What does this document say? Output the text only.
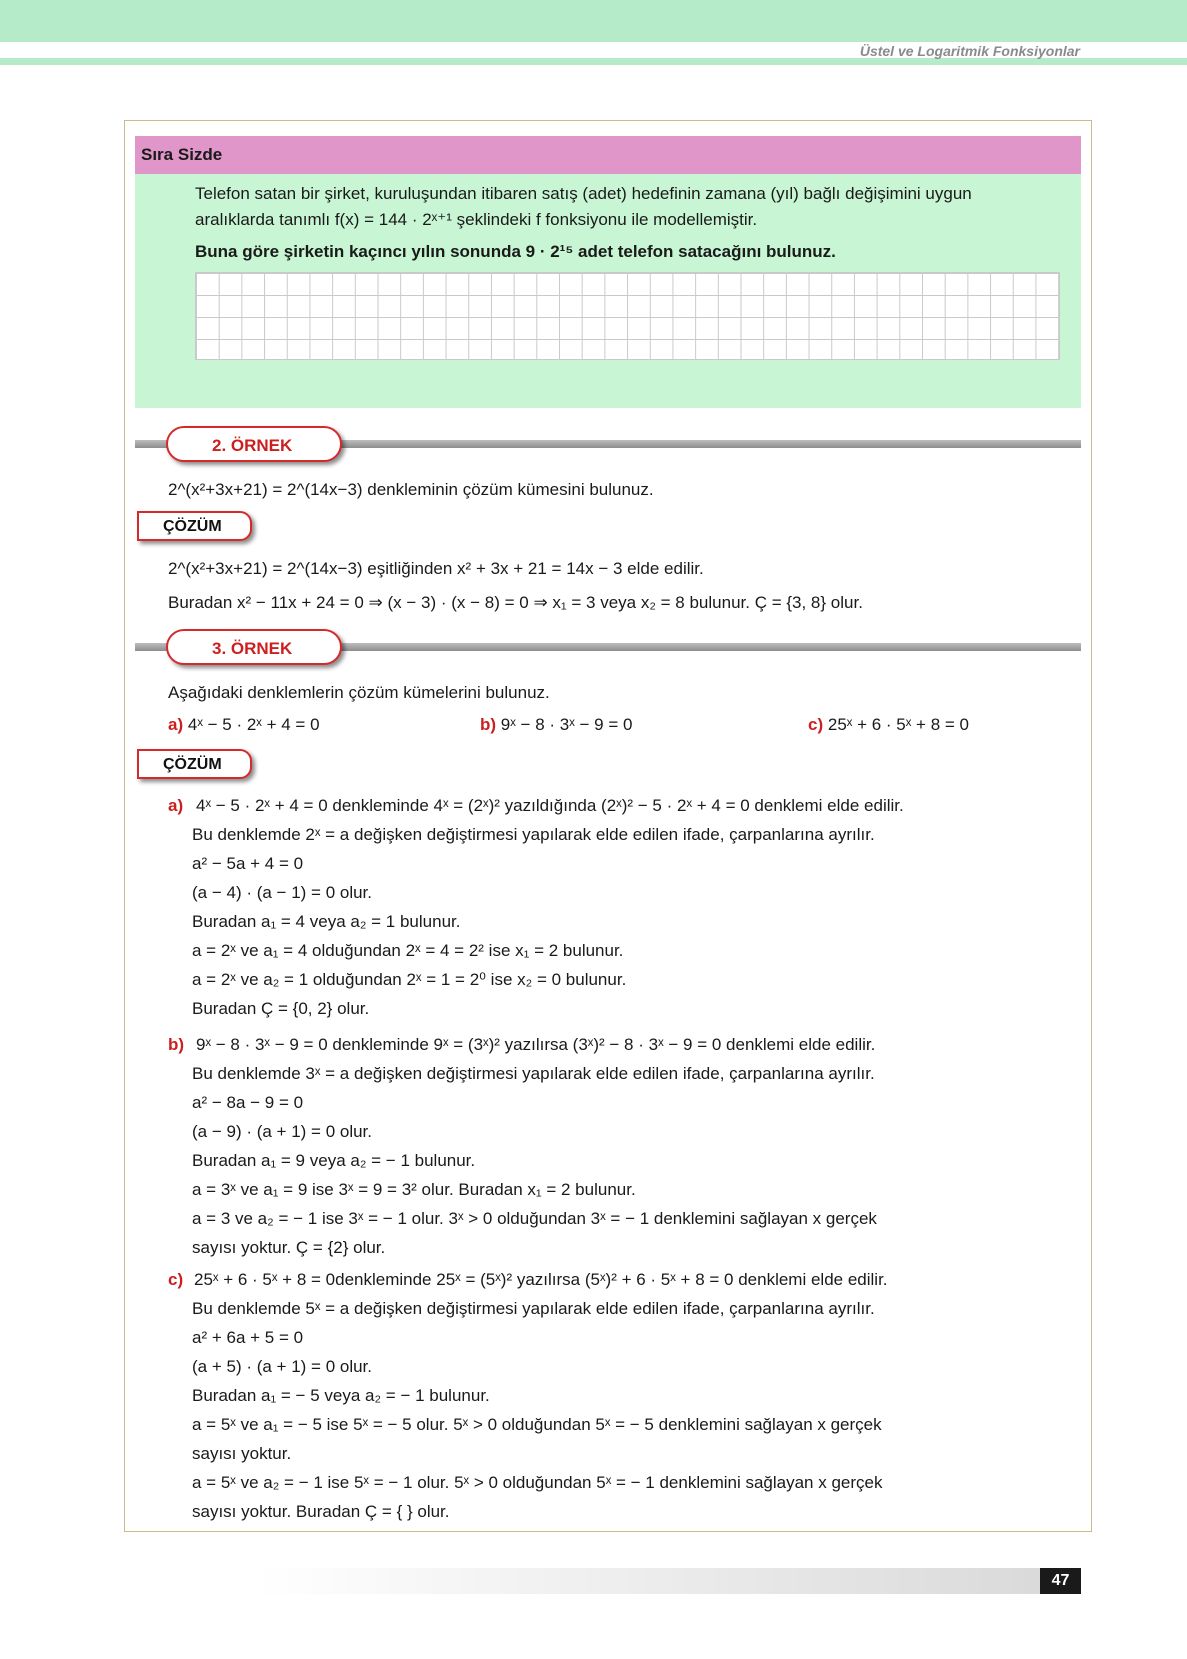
Üstel ve Logaritmik Fonksiyonlar
Sıra Sizde
Telefon satan bir şirket, kuruluşundan itibaren satış (adet) hedefinin zamana (yıl) bağlı değişimini uygun
aralıklarda tanımlı f(x) = 144 · 2ˣ⁺¹ şeklindeki f fonksiyonu ile modellemiştir.
Buna göre şirketin kaçıncı yılın sonunda 9 · 2¹⁵ adet telefon satacağını bulunuz.
2. ÖRNEK
2^(x²+3x+21) = 2^(14x−3) denkleminin çözüm kümesini bulunuz.
ÇÖZÜM
2^(x²+3x+21) = 2^(14x−3) eşitliğinden x² + 3x + 21 = 14x − 3 elde edilir.
Buradan x² − 11x + 24 = 0 ⇒ (x − 3) · (x − 8) = 0 ⇒ x₁ = 3 veya x₂ = 8 bulunur. Ç = {3, 8} olur.
3. ÖRNEK
Aşağıdaki denklemlerin çözüm kümelerini bulunuz.
a) 4ˣ − 5 · 2ˣ + 4 = 0	b) 9ˣ − 8 · 3ˣ − 9 = 0	c) 25ˣ + 6 · 5ˣ + 8 = 0
ÇÖZÜM
a) 4ˣ − 5 · 2ˣ + 4 = 0 denkleminde 4ˣ = (2ˣ)² yazıldığında (2ˣ)² − 5 · 2ˣ + 4 = 0 denklemi elde edilir.
Bu denklemde 2ˣ = a değişken değiştirmesi yapılarak elde edilen ifade, çarpanlarına ayrılır.
a² − 5a + 4 = 0
(a − 4) · (a − 1) = 0 olur.
Buradan a₁ = 4 veya a₂ = 1 bulunur.
a = 2ˣ ve a₁ = 4 olduğundan 2ˣ = 4 = 2² ise x₁ = 2 bulunur.
a = 2ˣ ve a₂ = 1 olduğundan 2ˣ = 1 = 2⁰ ise x₂ = 0 bulunur.
Buradan Ç = {0, 2} olur.
b) 9ˣ − 8 · 3ˣ − 9 = 0 denkleminde 9ˣ = (3ˣ)² yazılırsa (3ˣ)² − 8 · 3ˣ − 9 = 0 denklemi elde edilir.
Bu denklemde 3ˣ = a değişken değiştirmesi yapılarak elde edilen ifade, çarpanlarına ayrılır.
a² − 8a − 9 = 0
(a − 9) · (a + 1) = 0 olur.
Buradan a₁ = 9 veya a₂ = − 1 bulunur.
a = 3ˣ ve a₁ = 9 ise 3ˣ = 9 = 3² olur. Buradan x₁ = 2 bulunur.
a = 3 ve a₂ = − 1 ise 3ˣ = − 1 olur. 3ˣ > 0 olduğundan 3ˣ = − 1 denklemini sağlayan x gerçek
sayısı yoktur. Ç = {2} olur.
c) 25ˣ + 6 · 5ˣ + 8 = 0denkleminde 25ˣ = (5ˣ)² yazılırsa (5ˣ)² + 6 · 5ˣ + 8 = 0 denklemi elde edilir.
Bu denklemde 5ˣ = a değişken değiştirmesi yapılarak elde edilen ifade, çarpanlarına ayrılır.
a² + 6a + 5 = 0
(a + 5) · (a + 1) = 0 olur.
Buradan a₁ = − 5 veya a₂ = − 1 bulunur.
a = 5ˣ ve a₁ = − 5 ise 5ˣ = − 5 olur. 5ˣ > 0 olduğundan 5ˣ = − 5 denklemini sağlayan x gerçek
sayısı yoktur.
a = 5ˣ ve a₂ = − 1 ise 5ˣ = − 1 olur. 5ˣ > 0 olduğundan 5ˣ = − 1 denklemini sağlayan x gerçek
sayısı yoktur. Buradan Ç = { } olur.
47
